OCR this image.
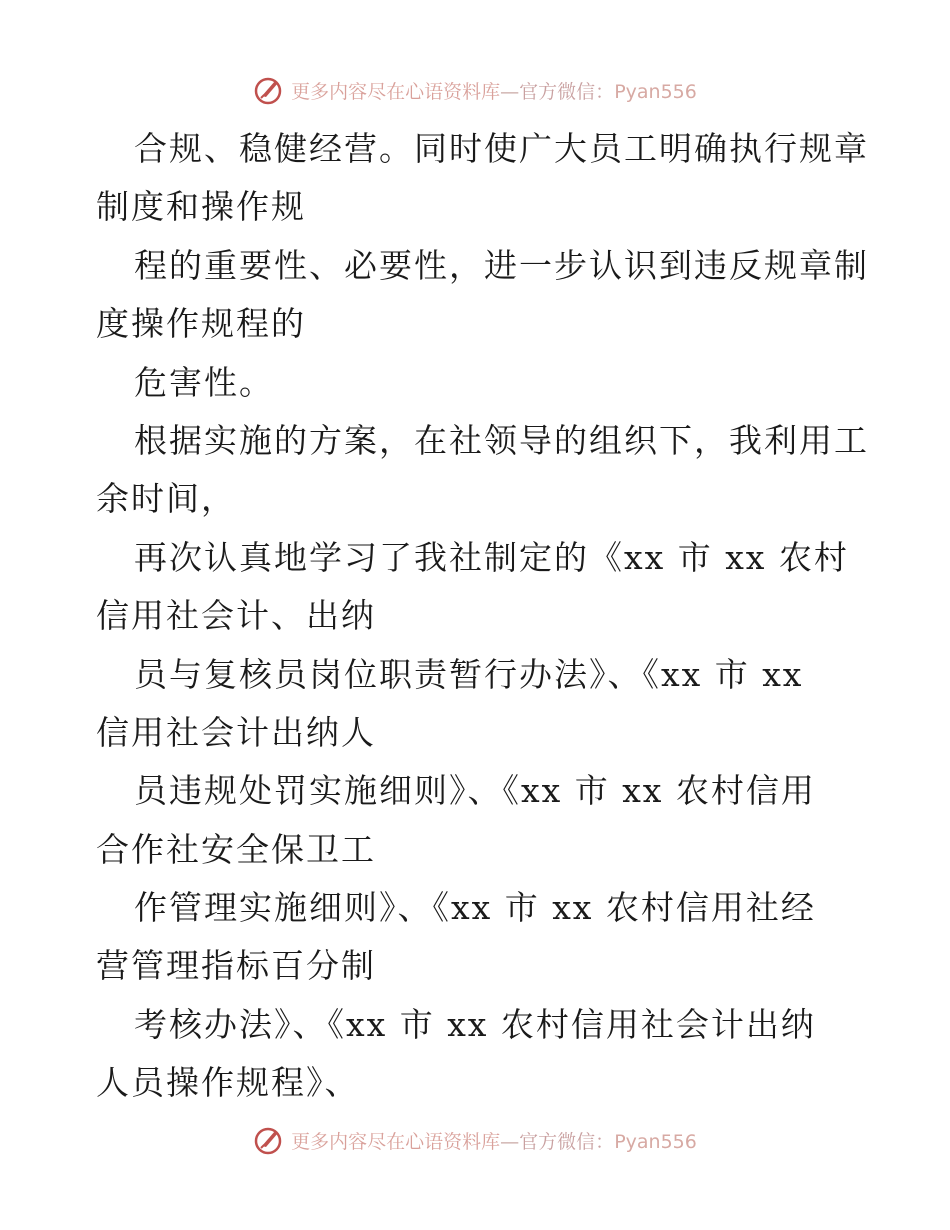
更多内容尽在心语资料库—官方微信：Pyan556
合规、稳健经营。同时使广大员工明确执行规章
制度和操作规
程的重要性、必要性，进一步认识到违反规章制
度操作规程的
危害性。
根据实施的方案，在社领导的组织下，我利用工
余时间，
再次认真地学习了我社制定的《xx 市 xx 农村
信用社会计、出纳
员与复核员岗位职责暂行办法》、《xx 市 xx
信用社会计出纳人
员违规处罚实施细则》、《xx 市 xx 农村信用
合作社安全保卫工
作管理实施细则》、《xx 市 xx 农村信用社经
营管理指标百分制
考核办法》、《xx 市 xx 农村信用社会计出纳
人员操作规程》、
更多内容尽在心语资料库—官方微信：Pyan556
